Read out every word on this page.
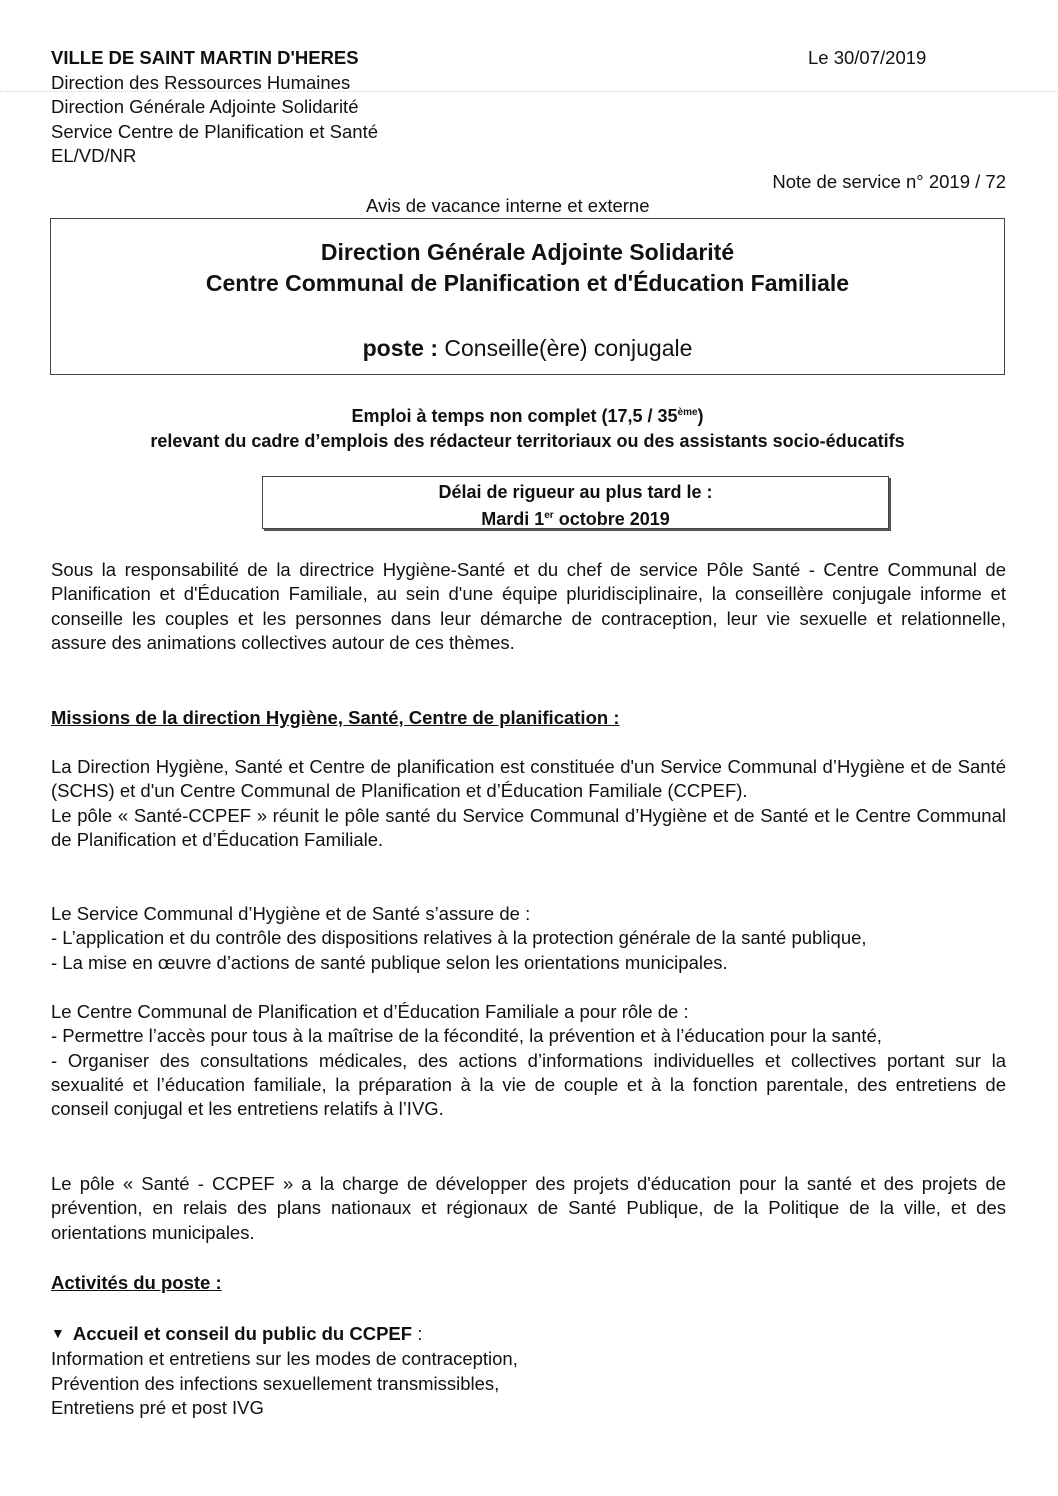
VILLE DE SAINT MARTIN D'HERES
Direction des Ressources Humaines
Direction Générale Adjointe Solidarité
Service Centre de Planification et Santé
EL/VD/NR
Le 30/07/2019
Note de service n° 2019 / 72
Avis de vacance interne et externe
Direction Générale Adjointe Solidarité
Centre Communal de Planification et d'Éducation Familiale
poste : Conseille(ère) conjugale
Emploi à temps non complet (17,5 / 35ème)
relevant du cadre d’emplois des rédacteur territoriaux ou des assistants socio-éducatifs
Délai de rigueur au plus tard le :
Mardi 1er octobre 2019

Sous la responsabilité de la directrice Hygiène-Santé et du chef de service Pôle Santé - Centre Communal de Planification et d'Éducation Familiale, au sein d'une équipe pluridisciplinaire, la conseillère conjugale informe et conseille les couples et les personnes dans leur démarche de contraception, leur vie sexuelle et relationnelle, assure des animations collectives autour de ces thèmes.

Missions de la direction Hygiène, Santé, Centre de planification :

La Direction Hygiène, Santé et Centre de planification est constituée d'un Service Communal d’Hygiène et de Santé (SCHS) et d'un Centre Communal de Planification et d’Éducation Familiale (CCPEF).

Le pôle « Santé-CCPEF » réunit le pôle santé du Service Communal d’Hygiène et de Santé et le Centre Communal de Planification et d’Éducation Familiale.

Le Service Communal d’Hygiène et de Santé s’assure de :
- L’application et du contrôle des dispositions relatives à la protection générale de la santé publique,
- La mise en œuvre d’actions de santé publique selon les orientations municipales.

Le Centre Communal de Planification et d’Éducation Familiale a pour rôle de :

- Permettre l’accès pour tous à la maîtrise de la fécondité, la prévention et à l’éducation pour la santé,

- Organiser des consultations médicales, des actions d’informations individuelles et collectives portant sur la sexualité et l’éducation familiale, la préparation à la vie de couple et à la fonction parentale, des entretiens de conseil conjugal et les entretiens relatifs à l’IVG.

Le pôle « Santé - CCPEF » a la charge de développer des projets d'éducation pour la santé et des projets de prévention, en relais des plans nationaux et régionaux de Santé Publique, de la Politique de la ville, et des orientations municipales.

Activités du poste :
▼ Accueil et conseil du public du CCPEF :
Information et entretiens sur les modes de contraception,
Prévention des infections sexuellement transmissibles,
Entretiens pré et post IVG
